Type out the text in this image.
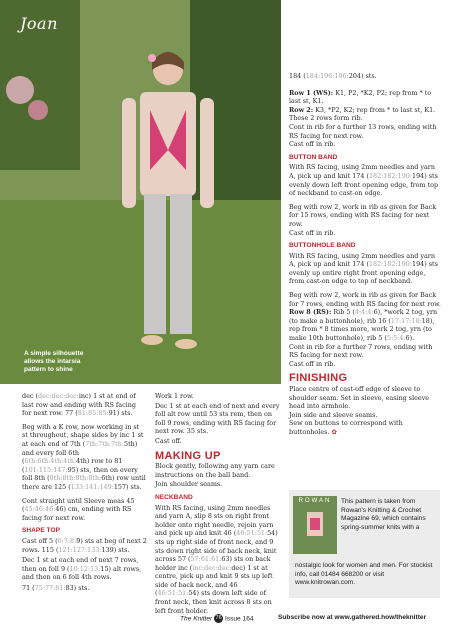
Joan
A simple silhouette allows the intarsia pattern to shine

dec (dec:dec:dec:inc) 1 st at end of last row and ending with RS facing for next row. 77 (81:85:85:91) sts.

Beg with a K row, now working in st st throughout, shape sides by inc 1 st at each end of 7th (7th:7th:7th:5th) and every foll 6th (6th:6th:4th:4th:4th) row to 81 (101:115:147:95) sts, then on every foll 8th (8th:8th:8th:8th:6th) row until there are 125 (133:141:149:157) sts.

Cont straight until Sleeve meas 45 (45:46:46:46) cm, ending with RS facing for next row.

SHAPE TOP

Cast off 5 (6:7:8:9) sts at beg of next 2 rows. 115 (121:127:133:139) sts.

Dec 1 st at each end of next 7 rows, then on foll 9 (10:12:13:15) alt rows, and then on 6 foll 4th rows.

71 (75:77:81:83) sts.

Work 1 row.

Dec 1 st at each end of next and every foll alt row until 53 sts rem, then on foll 9 rows, ending with RS facing for next row. 35 sts.

Cast off.

MAKING UP

Block gently, following any yarn care instructions on the ball band.

Join shoulder seams.

NECKBAND

With RS facing, using 2mm needles and yarn A, slip 8 sts on right front holder onto right needle, rejoin yarn and pick up and knit 46 (46:51:51:54) sts up right side of front neck, and 9 sts down right side of back neck, knit across 57 (57:61:61:63) sts on back holder inc (inc:dec:dec:dec) 1 st at centre, pick up and knit 9 sts up left side of back neck, and 46 (46:51:51:54) sts down left side of front neck, then knit across 8 sts on left front holder.

184 (184:196:196:204) sts.

Row 1 (WS): K1, P2, *K2, P2; rep from * to last st, K1.

Row 2: K3, *P2, K2; rep from * to last st, K1.

These 2 rows form rib.

Cont in rib for a further 13 rows, ending with RS facing for next row.

Cast off in rib.

BUTTON BAND

With RS facing, using 2mm needles and yarn A, pick up and knit 174 (182:182:190:194) sts evenly down left front opening edge, from top of neckband to cast-on edge.

Beg with row 2, work in rib as given for Back for 15 rows, ending with RS facing for next row.

Cast off in rib.

BUTTONHOLE BAND

With RS facing, using 2mm needles and yarn A, pick up and knit 174 (182:182:190:194) sts evenly up entire right front opening edge, from cast-on edge to top of neckband.

Beg with row 2, work in rib as given for Back for 7 rows, ending with RS facing for next row.

Row 8 (RS): Rib 5 (4:4:4:6), *work 2 tog, yrn (to make a buttonhole), rib 16 (17:17:18:18), rep from * 8 times more, work 2 tog, yrn (to make 10th buttonhole), rib 5 (5:5:4:6).

Cont in rib for a further 7 rows, ending with RS facing for next row.

Cast off in rib.

FINISHING

Place centre of cast-off edge of sleeve to shoulder seam. Set in sleeve, easing sleeve head into armhole.

Join side and sleeve seams.

Sew on buttons to correspond with buttonholes. ✿

ROWAN	This pattern is taken from Rowan's Knitting & Crochet Magazine 69, which contains spring-summer knits with a
nostalgic look for women and men. For stockist info, call 01484 668200 or visit www.knitrowan.com.
The Knitter 76 Issue 164	Subscribe now at www.gathered.how/theknitter
